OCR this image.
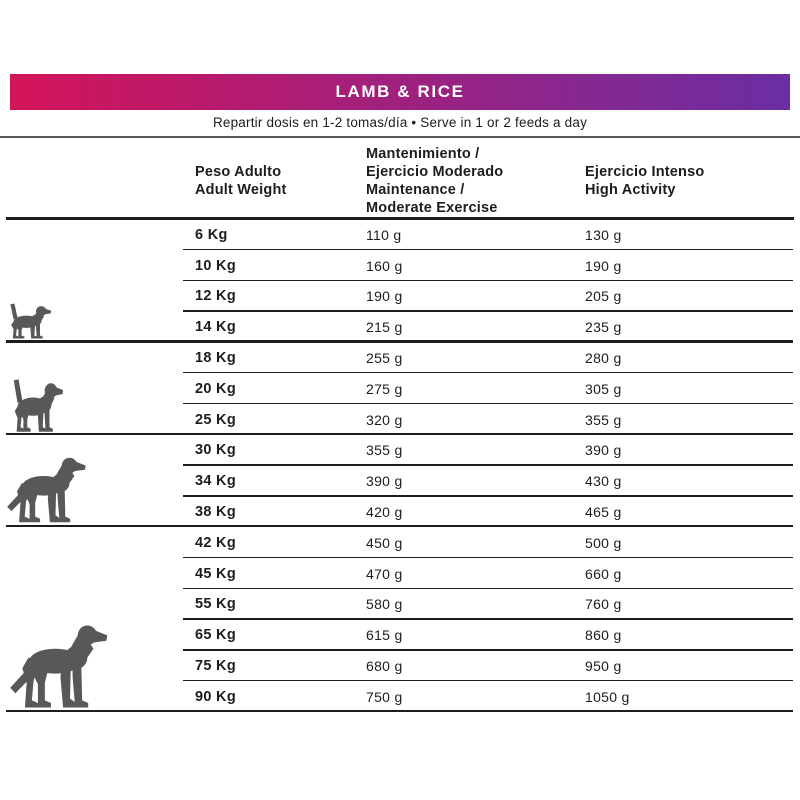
LAMB & RICE
Repartir dosis en 1-2 tomas/día • Serve in 1 or 2 feeds a day
Peso Adulto
Adult Weight
Mantenimiento /
Ejercicio Moderado
Maintenance /
Moderate Exercise
Ejercicio Intenso
High Activity
6 Kg	110 g	130 g
10 Kg	160 g	190 g
12 Kg	190 g	205 g
14 Kg	215 g	235 g
18 Kg	255 g	280 g
20 Kg	275 g	305 g
25 Kg	320 g	355 g
30 Kg	355 g	390 g
34 Kg	390 g	430 g
38 Kg	420 g	465 g
42 Kg	450 g	500 g
45 Kg	470 g	660 g
55 Kg	580 g	760 g
65 Kg	615 g	860 g
75 Kg	680 g	950 g
90 Kg	750 g	1050 g
